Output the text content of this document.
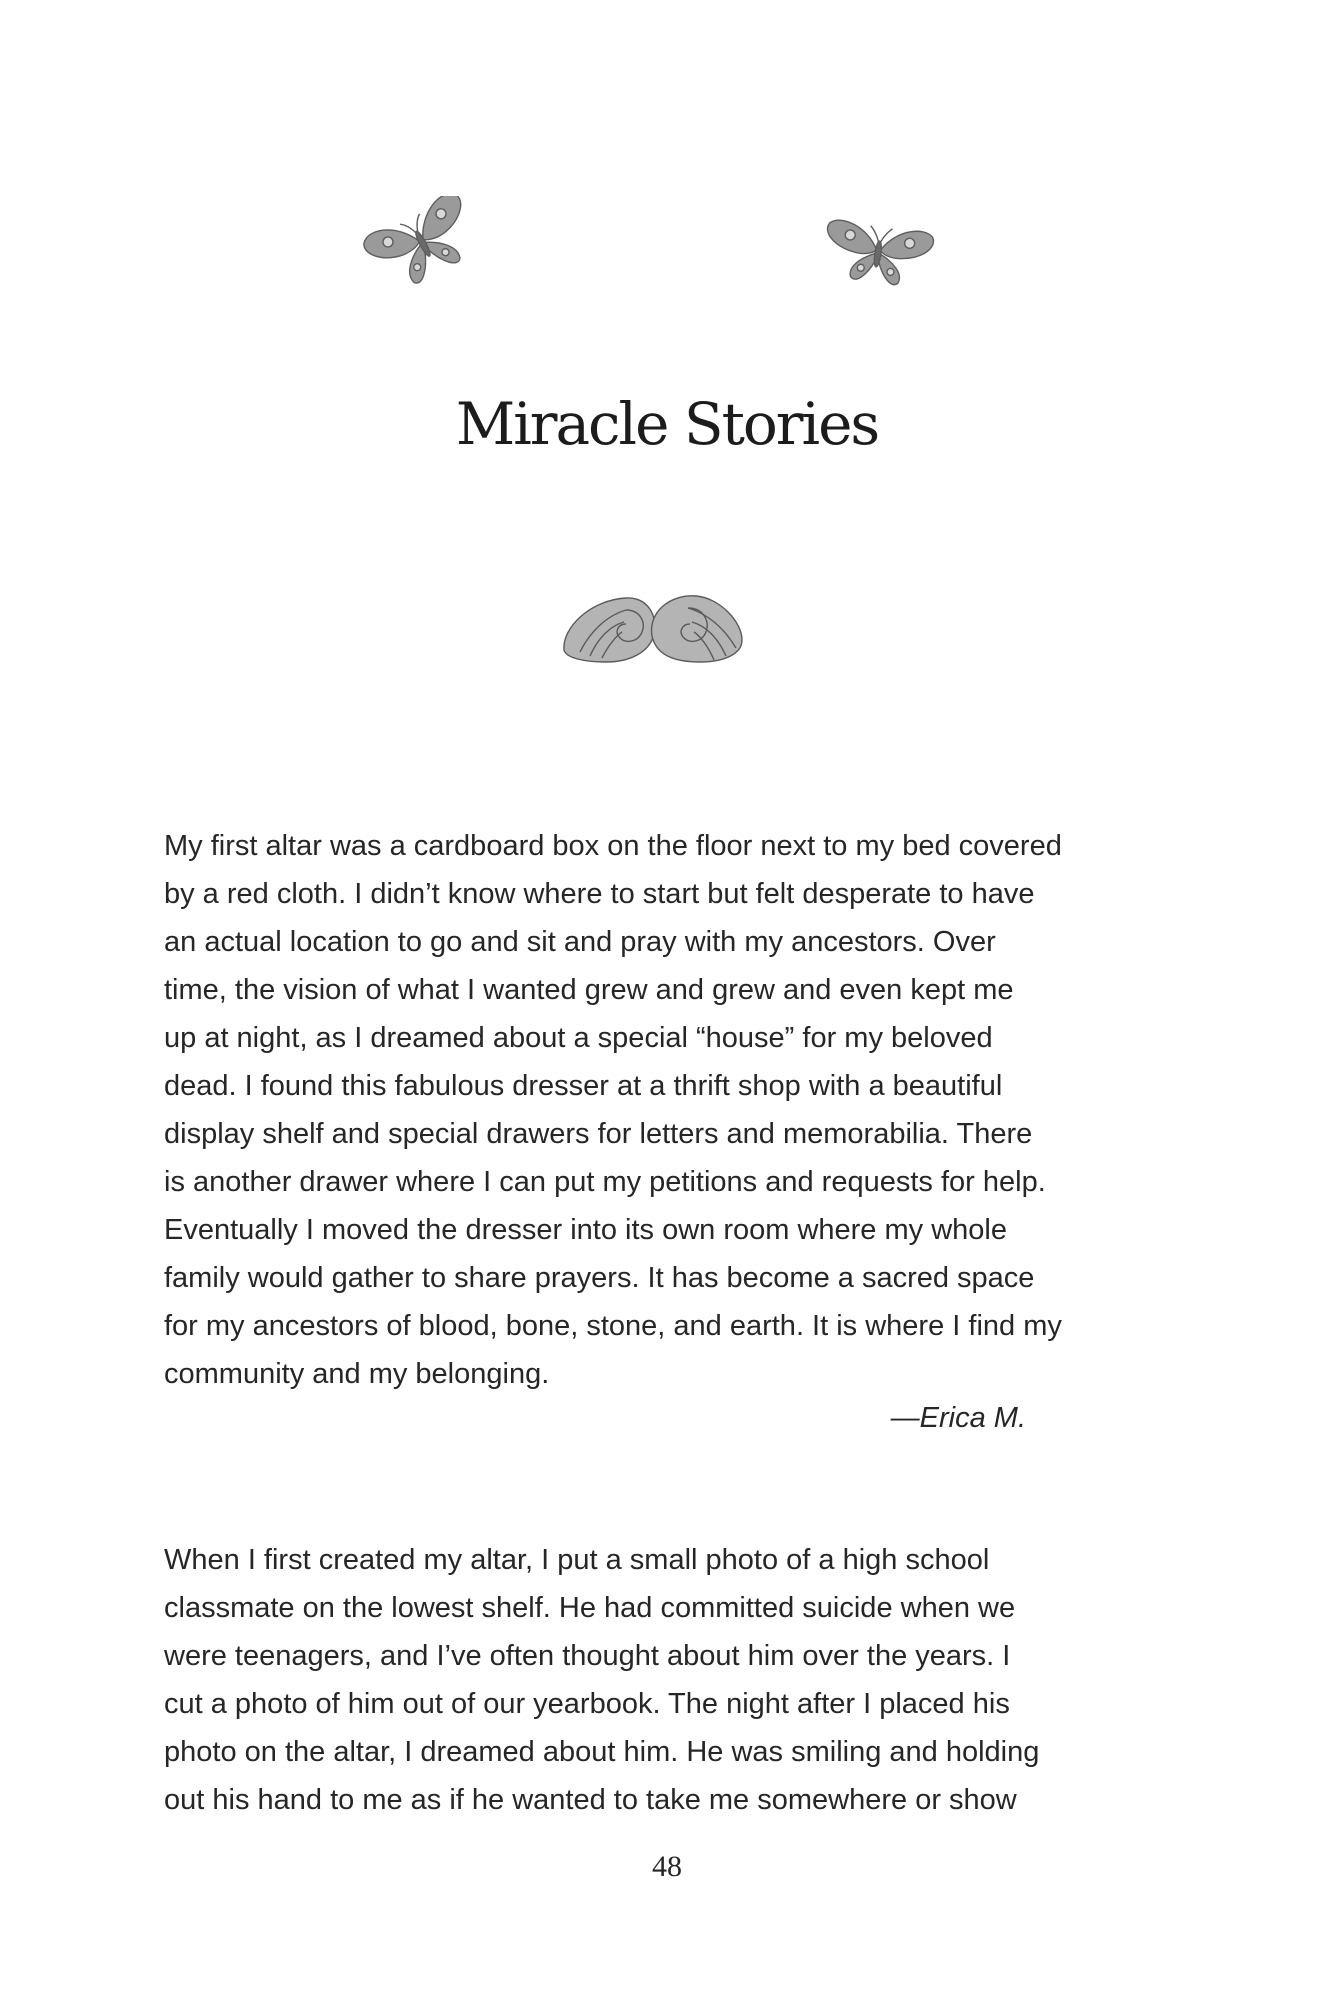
Miracle Stories
My first altar was a cardboard box on the floor next to my bed covered
by a red cloth. I didn’t know where to start but felt desperate to have
an actual location to go and sit and pray with my ancestors. Over
time, the vision of what I wanted grew and grew and even kept me
up at night, as I dreamed about a special “house” for my beloved
dead. I found this fabulous dresser at a thrift shop with a beautiful
display shelf and special drawers for letters and memorabilia. There
is another drawer where I can put my petitions and requests for help.
Eventually I moved the dresser into its own room where my whole
family would gather to share prayers. It has become a sacred space
for my ancestors of blood, bone, stone, and earth. It is where I find my
community and my belonging.
—Erica M.
When I first created my altar, I put a small photo of a high school
classmate on the lowest shelf. He had committed suicide when we
were teenagers, and I’ve often thought about him over the years. I
cut a photo of him out of our yearbook. The night after I placed his
photo on the altar, I dreamed about him. He was smiling and holding
out his hand to me as if he wanted to take me somewhere or show
48
